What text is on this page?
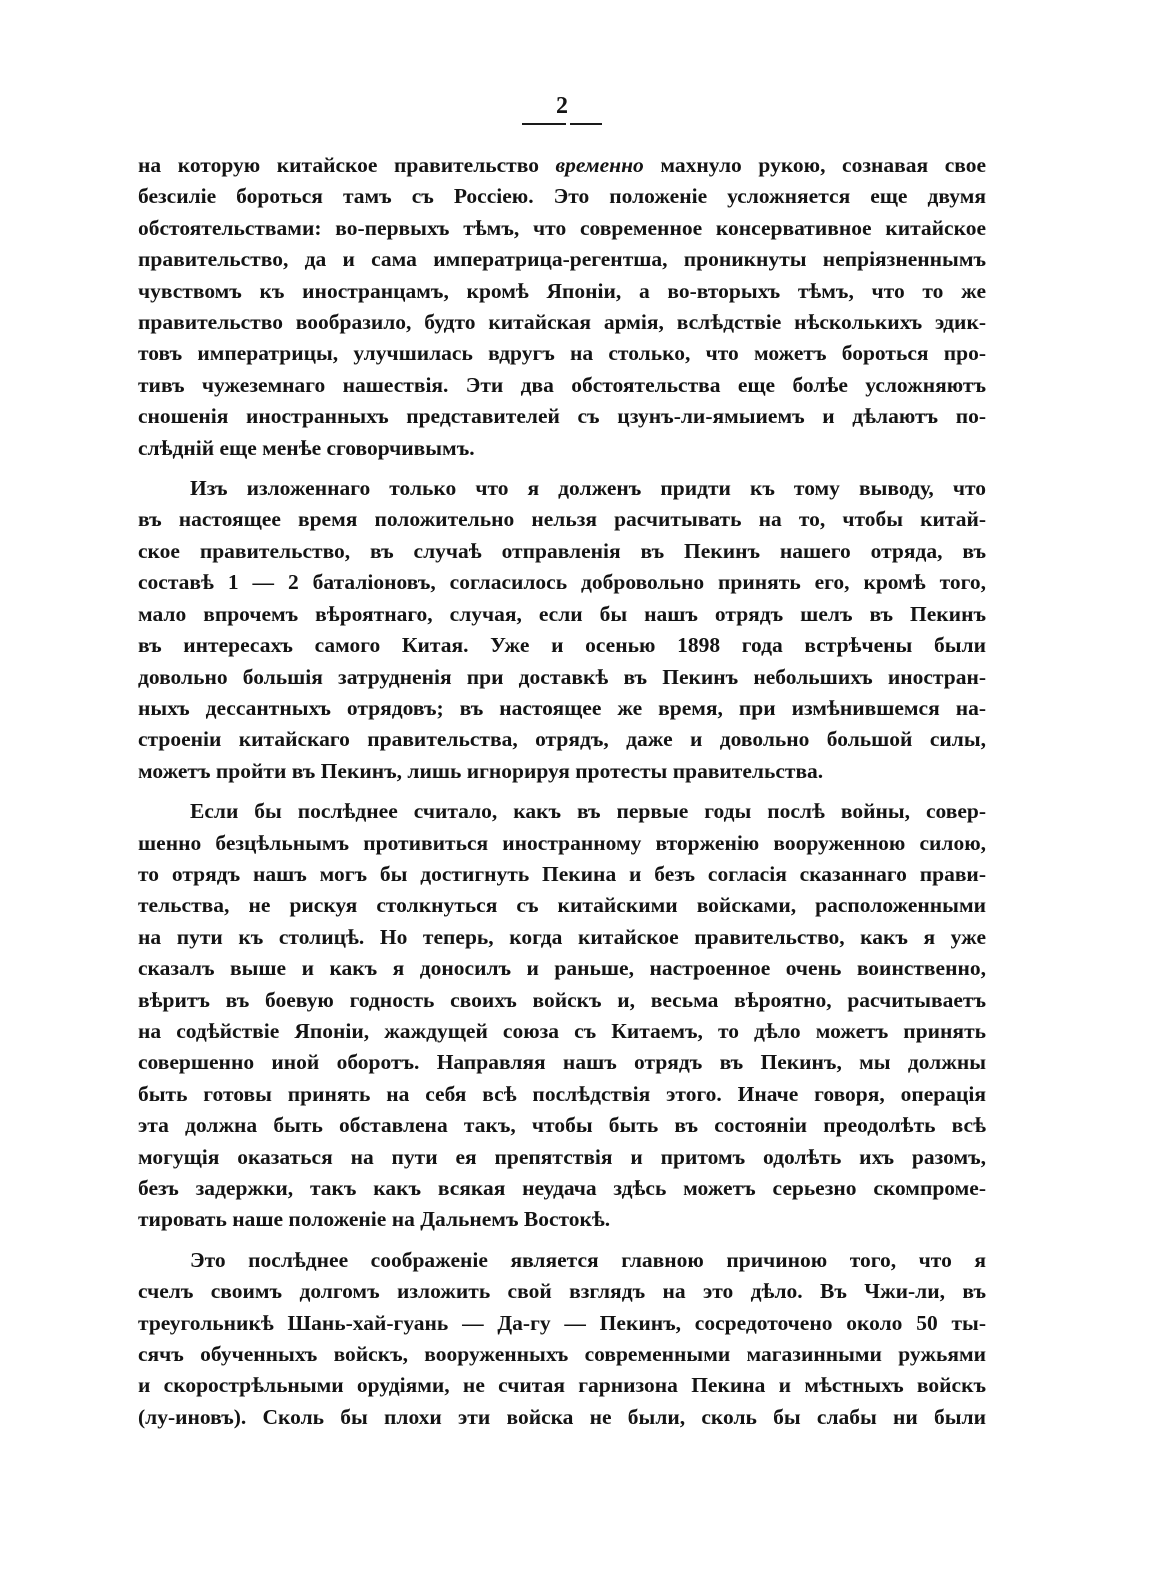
2

на которую китайское правительство временно махнуло рукою, сознавая свое
безсиліе бороться тамъ съ Россіею. Это положеніе усложняется еще двумя
обстоятельствами: во-первыхъ тѣмъ, что современное консервативное китайское
правительство, да и сама императрица-регентша, проникнуты непріязненнымъ
чувствомъ къ иностранцамъ, кромѣ Японіи, а во-вторыхъ тѣмъ, что то же
правительство вообразило, будто китайская армія, вслѣдствіе нѣсколькихъ эдик-
товъ императрицы, улучшилась вдругъ на столько, что можетъ бороться про-
тивъ чужеземнаго нашествія. Эти два обстоятельства еще болѣе усложняютъ
сношенія иностранныхъ представителей съ цзунъ-ли-ямыиемъ и дѣлаютъ по-
слѣдній еще менѣе сговорчивымъ.

Изъ изложеннаго только что я долженъ придти къ тому выводу, что
въ настоящее время положительно нельзя расчитывать на то, чтобы китай-
ское правительство, въ случаѣ отправленія въ Пекинъ нашего отряда, въ
составѣ 1 — 2 баталіоновъ, согласилось добровольно принять его, кромѣ того,
мало впрочемъ вѣроятнаго, случая, если бы нашъ отрядъ шелъ въ Пекинъ
въ интересахъ самого Китая. Уже и осенью 1898 года встрѣчены были
довольно большія затрудненія при доставкѣ въ Пекинъ небольшихъ иностран-
ныхъ дессантныхъ отрядовъ; въ настоящее же время, при измѣнившемся на-
строеніи китайскаго правительства, отрядъ, даже и довольно большой силы,
можетъ пройти въ Пекинъ, лишь игнорируя протесты правительства.

Если бы послѣднее считало, какъ въ первые годы послѣ войны, совер-
шенно безцѣльнымъ противиться иностранному вторженію вооруженною силою,
то отрядъ нашъ могъ бы достигнуть Пекина и безъ согласія сказаннаго прави-
тельства, не рискуя столкнуться съ китайскими войсками, расположенными
на пути къ столицѣ. Но теперь, когда китайское правительство, какъ я уже
сказалъ выше и какъ я доносилъ и раньше, настроенное очень воинственно,
вѣритъ въ боевую годность своихъ войскъ и, весьма вѣроятно, расчитываетъ
на содѣйствіе Японіи, жаждущей союза съ Китаемъ, то дѣло можетъ принять
совершенно иной оборотъ. Направляя нашъ отрядъ въ Пекинъ, мы должны
быть готовы принять на себя всѣ послѣдствія этого. Иначе говоря, операція
эта должна быть обставлена такъ, чтобы быть въ состояніи преодолѣть всѣ
могущія оказаться на пути ея препятствія и притомъ одолѣть ихъ разомъ,
безъ задержки, такъ какъ всякая неудача здѣсь можетъ серьезно скомпроме-
тировать наше положеніе на Дальнемъ Востокѣ.

Это послѣднее соображеніе является главною причиною того, что я
счелъ своимъ долгомъ изложить свой взглядъ на это дѣло. Въ Чжи-ли, въ
треугольникѣ Шань-хай-гуань — Да-гу — Пекинъ, сосредоточено около 50 ты-
сячъ обученныхъ войскъ, вооруженныхъ современными магазинными ружьями
и скорострѣльными орудіями, не считая гарнизона Пекина и мѣстныхъ войскъ
(лу-иновъ). Сколь бы плохи эти войска не были, сколь бы слабы ни были
